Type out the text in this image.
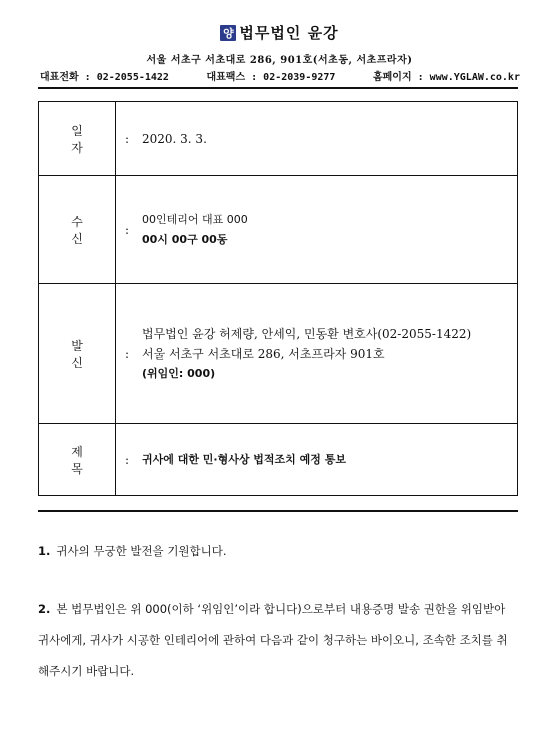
양 법무법인 윤강
서울 서초구 서초대로 286, 901호(서초동, 서초프라자)
대표전화 : 02-2055-1422	대표팩스 : 02-2039-9277	홈페이지 : www.YGLAW.co.kr
일자	:	2020. 3. 3.
수신	:	00인테리어 대표 000
00시 00구 00동

발신	:	법무법인 윤강 허제량, 안세익, 민동환 변호사(02-2055-1422)
서울 서초구 서초대로 286, 서초프라자 901호
(위임인: 000)

제목	:	귀사에 대한 민·형사상 법적조치 예정 통보
1. 귀사의 무궁한 발전을 기원합니다.
2. 본 법무법인은 위 000(이하 ‘위임인’이라 합니다)으로부터 내용증명 발송 권한을 위임받아 귀사에게, 귀사가 시공한 인테리어에 관하여 다음과 같이 청구하는 바이오니, 조속한 조치를 취해주시기 바랍니다.
